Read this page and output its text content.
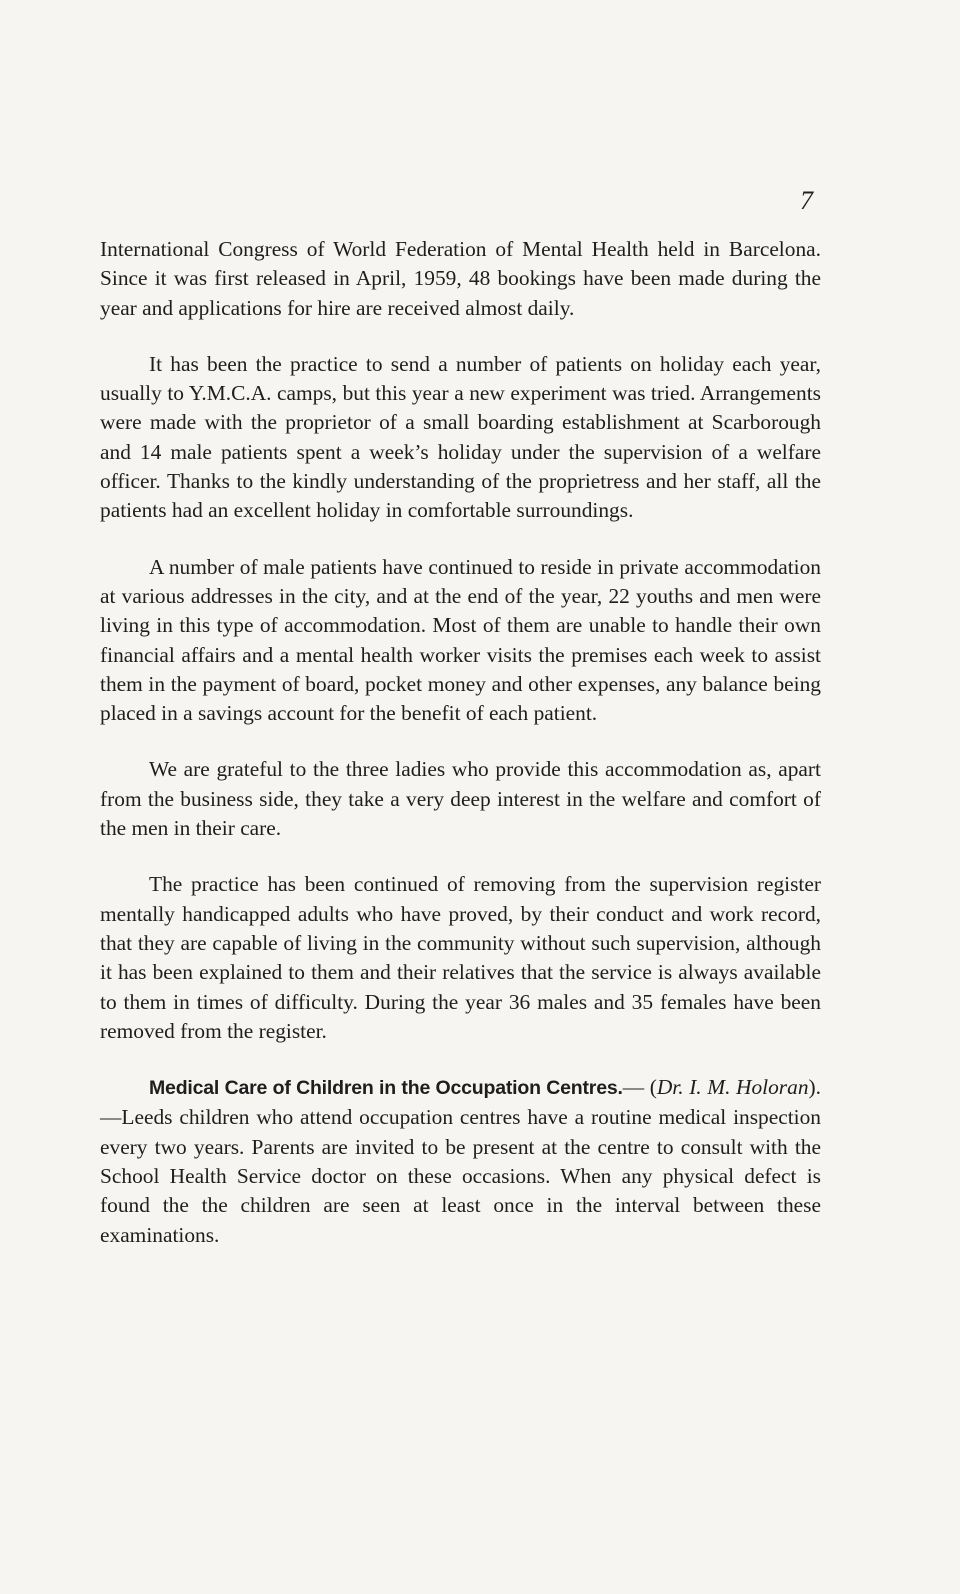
7

International Congress of World Federation of Mental Health held in Barcelona. Since it was first released in April, 1959, 48 bookings have been made during the year and applications for hire are received almost daily.

It has been the practice to send a number of patients on holiday each year, usually to Y.M.C.A. camps, but this year a new experiment was tried. Arrangements were made with the proprietor of a small boarding establishment at Scarborough and 14 male patients spent a week’s holiday under the supervision of a welfare officer. Thanks to the kindly understanding of the proprietress and her staff, all the patients had an excellent holiday in comfortable surroundings.

A number of male patients have continued to reside in private accommodation at various addresses in the city, and at the end of the year, 22 youths and men were living in this type of accommodation. Most of them are unable to handle their own financial affairs and a mental health worker visits the premises each week to assist them in the payment of board, pocket money and other expenses, any balance being placed in a savings account for the benefit of each patient.

We are grateful to the three ladies who provide this accommodation as, apart from the business side, they take a very deep interest in the welfare and comfort of the men in their care.

The practice has been continued of removing from the supervision register mentally handicapped adults who have proved, by their conduct and work record, that they are capable of living in the community without such supervision, although it has been explained to them and their relatives that the service is always available to them in times of difficulty. During the year 36 males and 35 females have been removed from the register.

Medical Care of Children in the Occupation Centres.— (Dr. I. M. Holoran).—Leeds children who attend occupation centres have a routine medical inspection every two years. Parents are invited to be present at the centre to consult with the School Health Service doctor on these occasions. When any physical defect is found the the children are seen at least once in the interval between these examinations.
